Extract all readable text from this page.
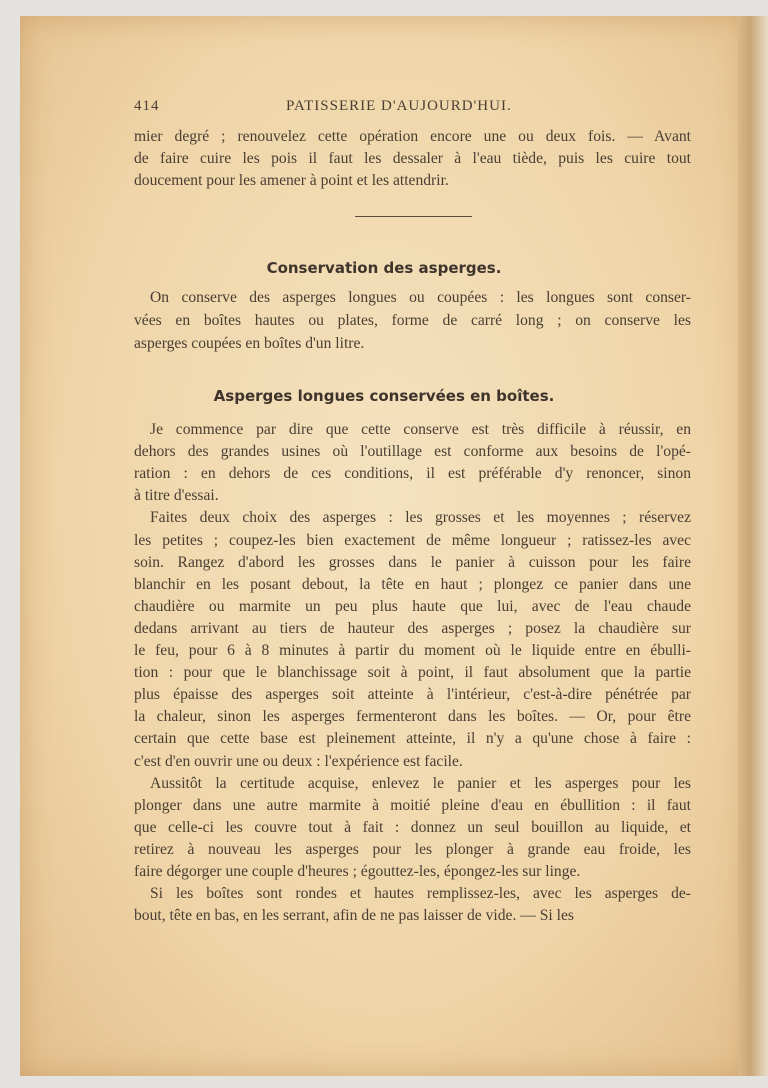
414	PATISSERIE D'AUJOURD'HUI.
Conservation des asperges.
Asperges longues conservées en boîtes.
mier degré ; renouvelez cette opération encore une ou deux fois. — Avant
de faire cuire les pois il faut les dessaler à l'eau tiède, puis les cuire tout
doucement pour les amener à point et les attendrir.
On conserve des asperges longues ou coupées : les longues sont conser-
vées en boîtes hautes ou plates, forme de carré long ; on conserve les
asperges coupées en boîtes d'un litre.
Je commence par dire que cette conserve est très difficile à réussir, en
dehors des grandes usines où l'outillage est conforme aux besoins de l'opé-
ration : en dehors de ces conditions, il est préférable d'y renoncer, sinon
à titre d'essai.
Faites deux choix des asperges : les grosses et les moyennes ; réservez
les petites ; coupez-les bien exactement de même longueur ; ratissez-les avec
soin. Rangez d'abord les grosses dans le panier à cuisson pour les faire
blanchir en les posant debout, la tête en haut ; plongez ce panier dans une
chaudière ou marmite un peu plus haute que lui, avec de l'eau chaude
dedans arrivant au tiers de hauteur des asperges ; posez la chaudière sur
le feu, pour 6 à 8 minutes à partir du moment où le liquide entre en ébulli-
tion : pour que le blanchissage soit à point, il faut absolument que la partie
plus épaisse des asperges soit atteinte à l'intérieur, c'est-à-dire pénétrée par
la chaleur, sinon les asperges fermenteront dans les boîtes. — Or, pour être
certain que cette base est pleinement atteinte, il n'y a qu'une chose à faire :
c'est d'en ouvrir une ou deux : l'expérience est facile.
Aussitôt la certitude acquise, enlevez le panier et les asperges pour les
plonger dans une autre marmite à moitié pleine d'eau en ébullition : il faut
que celle-ci les couvre tout à fait : donnez un seul bouillon au liquide, et
retirez à nouveau les asperges pour les plonger à grande eau froide, les
faire dégorger une couple d'heures ; égouttez-les, épongez-les sur linge.
Si les boîtes sont rondes et hautes remplissez-les, avec les asperges de-
bout, tête en bas, en les serrant, afin de ne pas laisser de vide. — Si les
